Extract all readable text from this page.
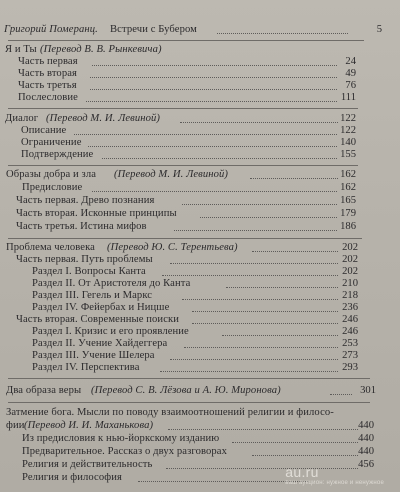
Григорий Померанц. Встречи с Бубером	5
Я и Ты (Перевод В. В. Рынкевича)
Часть первая	24
Часть вторая	49
Часть третья	76
Послесловие	111
Диалог (Перевод М. И. Левиной)	122
Описание	122
Ограничение	140
Подтверждение	155
Образы добра и зла (Перевод М. И. Левиной)	162
Предисловие	162
Часть первая. Древо познания	165
Часть вторая. Исконные принципы	179
Часть третья. Истина мифов	186
Проблема человека (Перевод Ю. С. Терентьева)	202
Часть первая. Путь проблемы	202
Раздел I. Вопросы Канта	202
Раздел II. От Аристотеля до Канта	210
Раздел III. Гегель и Маркс	218
Раздел IV. Фейербах и Ницше	236
Часть вторая. Современные поиски	246
Раздел I. Кризис и его проявление	246
Раздел II. Учение Хайдеггера	253
Раздел III. Учение Шелера	273
Раздел IV. Перспектива	293
Два образа веры (Перевод С. В. Лёзова и А. Ю. Миронова)	301
Затмение бога. Мысли по поводу взаимоотношений религии и филосо-
фии (Перевод И. И. Маханькова)	440
Из предисловия к нью-йоркскому изданию	440
Предварительное. Рассказ о двух разговорах	440
Религия и действительность	456
Религия и философия	au.ru
ваш аукцион: нужное и ненужное
